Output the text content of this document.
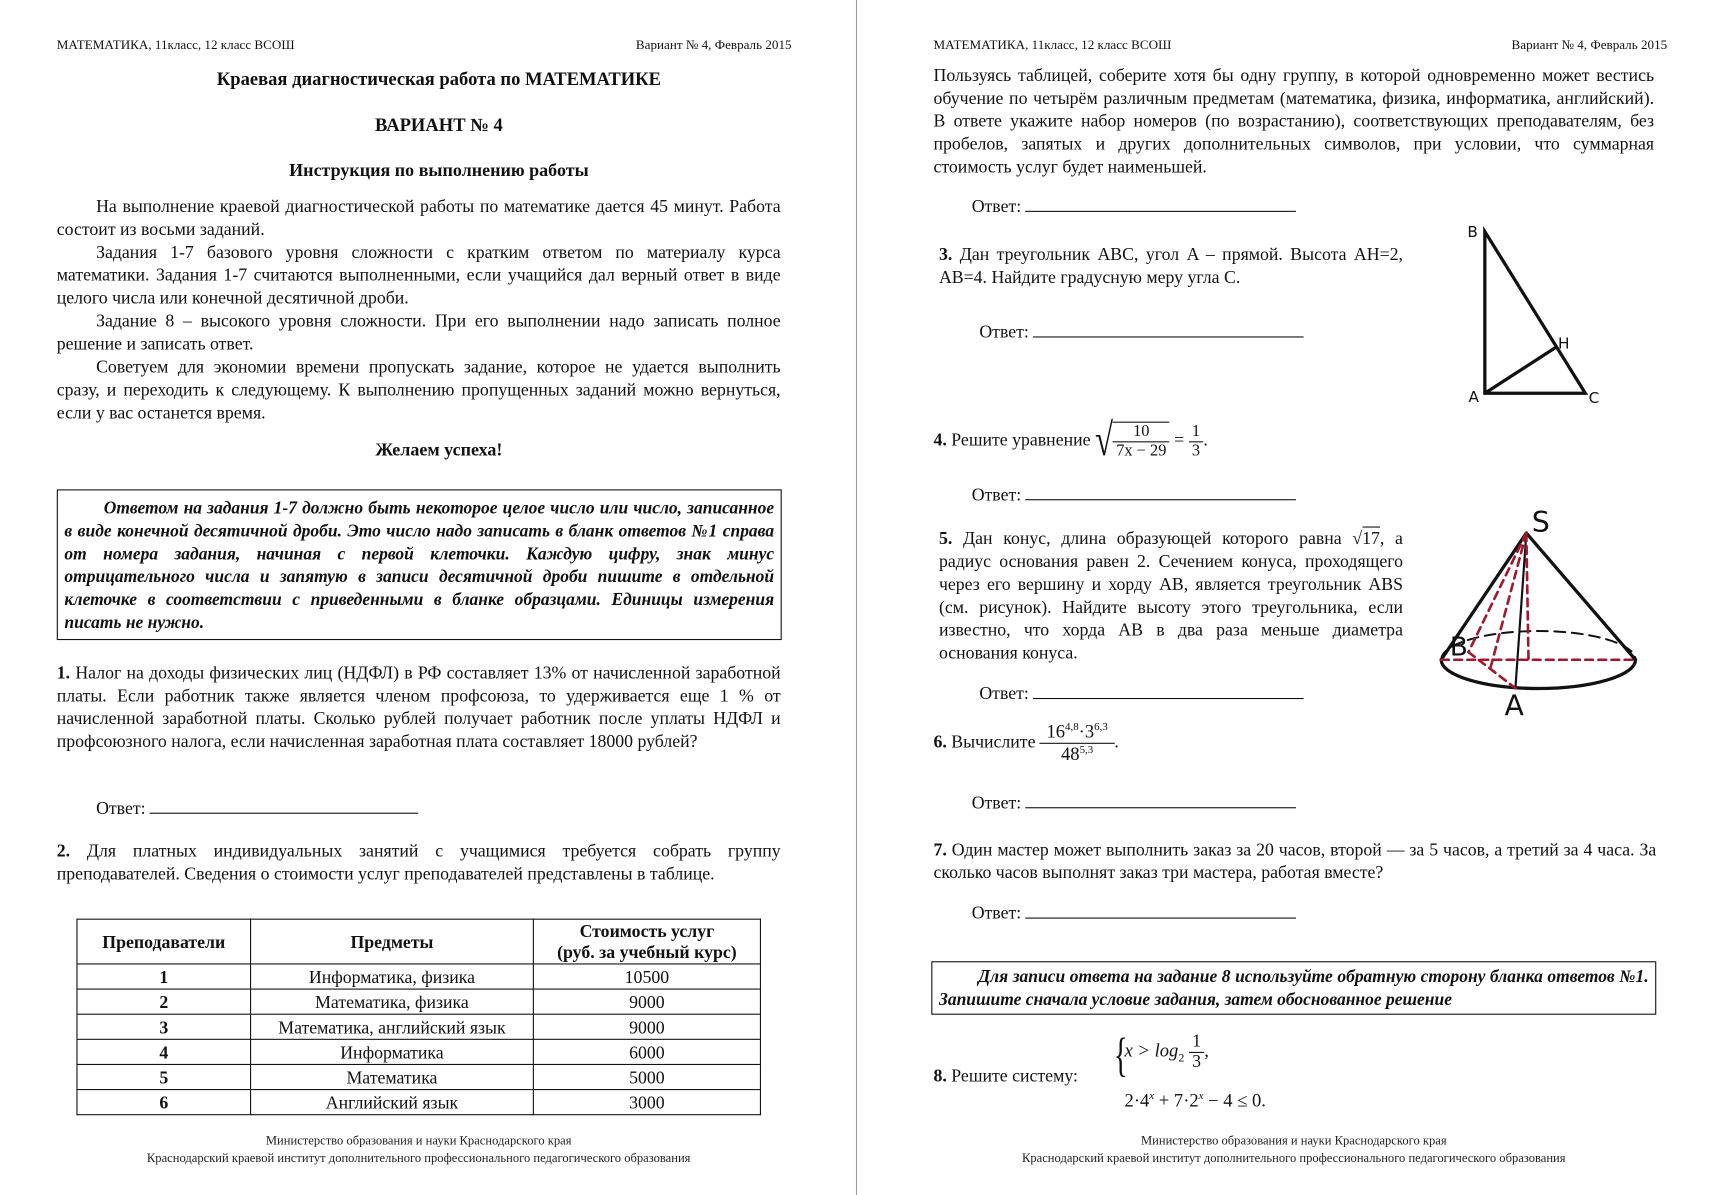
МАТЕМАТИКА, 11класс, 12 класс ВСОШ	Вариант № 4, Февраль 2015
Краевая диагностическая работа по МАТЕМАТИКЕ
ВАРИАНТ № 4
Инструкция по выполнению работы
На выполнение краевой диагностической работы по математике дается 45 минут. Работа состоит из восьми заданий.
Задания 1-7 базового уровня сложности с кратким ответом по материалу курса математики. Задания 1-7 считаются выполненными, если учащийся дал верный ответ в виде целого числа или конечной десятичной дроби.
Задание 8 – высокого уровня сложности. При его выполнении надо записать полное решение и записать ответ.
Советуем для экономии времени пропускать задание, которое не удается выполнить сразу, и переходить к следующему. К выполнению пропущенных заданий можно вернуться, если у вас останется время.
Желаем успеха!
Ответом на задания 1-7 должно быть некоторое целое число или число, записанное в виде конечной десятичной дроби. Это число надо записать в бланк ответов №1 справа от номера задания, начиная с первой клеточки. Каждую цифру, знак минус отрицательного числа и запятую в записи десятичной дроби пишите в отдельной клеточке в соответствии с приведенными в бланке образцами. Единицы измерения писать не нужно.
1. Налог на доходы физических лиц (НДФЛ) в РФ составляет 13% от начисленной заработной платы. Если работник также является членом профсоюза, то удерживается еще 1 % от начисленной заработной платы. Сколько рублей получает работник после уплаты НДФЛ и профсоюзного налога, если начисленная заработная плата составляет 18000 рублей?
Ответ:
2. Для платных индивидуальных занятий с учащимися требуется собрать группу преподавателей. Сведения о стоимости услуг преподавателей представлены в таблице.
Преподаватели	Предметы	Стоимость услуг
(руб. за учебный курс)
1	Информатика, физика	10500
2	Математика, физика	9000
3	Математика, английский язык	9000
4	Информатика	6000
5	Математика	5000
6	Английский язык	3000
Министерство образования и науки Краснодарского края
Краснодарский краевой институт дополнительного профессионального педагогического образования
МАТЕМАТИКА, 11класс, 12 класс ВСОШ	Вариант № 4, Февраль 2015
Пользуясь таблицей, соберите хотя бы одну группу, в которой одновременно может вестись обучение по четырём различным предметам (математика, физика, информатика, английский). В ответе укажите набор номеров (по возрастанию), соответствующих преподавателям, без пробелов, запятых и других дополнительных символов, при условии, что суммарная стоимость услуг будет наименьшей.
Ответ:
3. Дан треугольник ABC, угол A – прямой. Высота AH=2, AB=4. Найдите градусную меру угла C.
Ответ:
B
H
A	C
4. Решите уравнение √ $\frac{10}{7x - 29} = \frac{1}{3}$ .
Ответ:
5. Дан конус, длина образующей которого равна √17, а радиус основания равен 2. Сечением конуса, проходящего через его вершину и хорду AB, является треугольник ABS (см. рисунок). Найдите высоту этого треугольника, если известно, что хорда AB в два раза меньше диаметра основания конуса.
Ответ:
S
B
A
6. Вычислите $\frac{16^{4,8}\cdot 3^{6,3}}{48^{5,3}}$ .
Ответ:
7. Один мастер может выполнить заказ за 20 часов, второй — за 5 часов, а третий за 4 часа. За сколько часов выполнят заказ три мастера, работая вместе?
Ответ:
Для записи ответа на задание 8 используйте обратную сторону бланка ответов №1. Запишите сначала условие задания, затем обоснованное решение
8. Решите систему: {
$x > \log_2 \frac{1}{3}$ ,
$2\cdot 4^x + 7\cdot 2^x - 4 \le 0$.
Министерство образования и науки Краснодарского края
Краснодарский краевой институт дополнительного профессионального педагогического образования
